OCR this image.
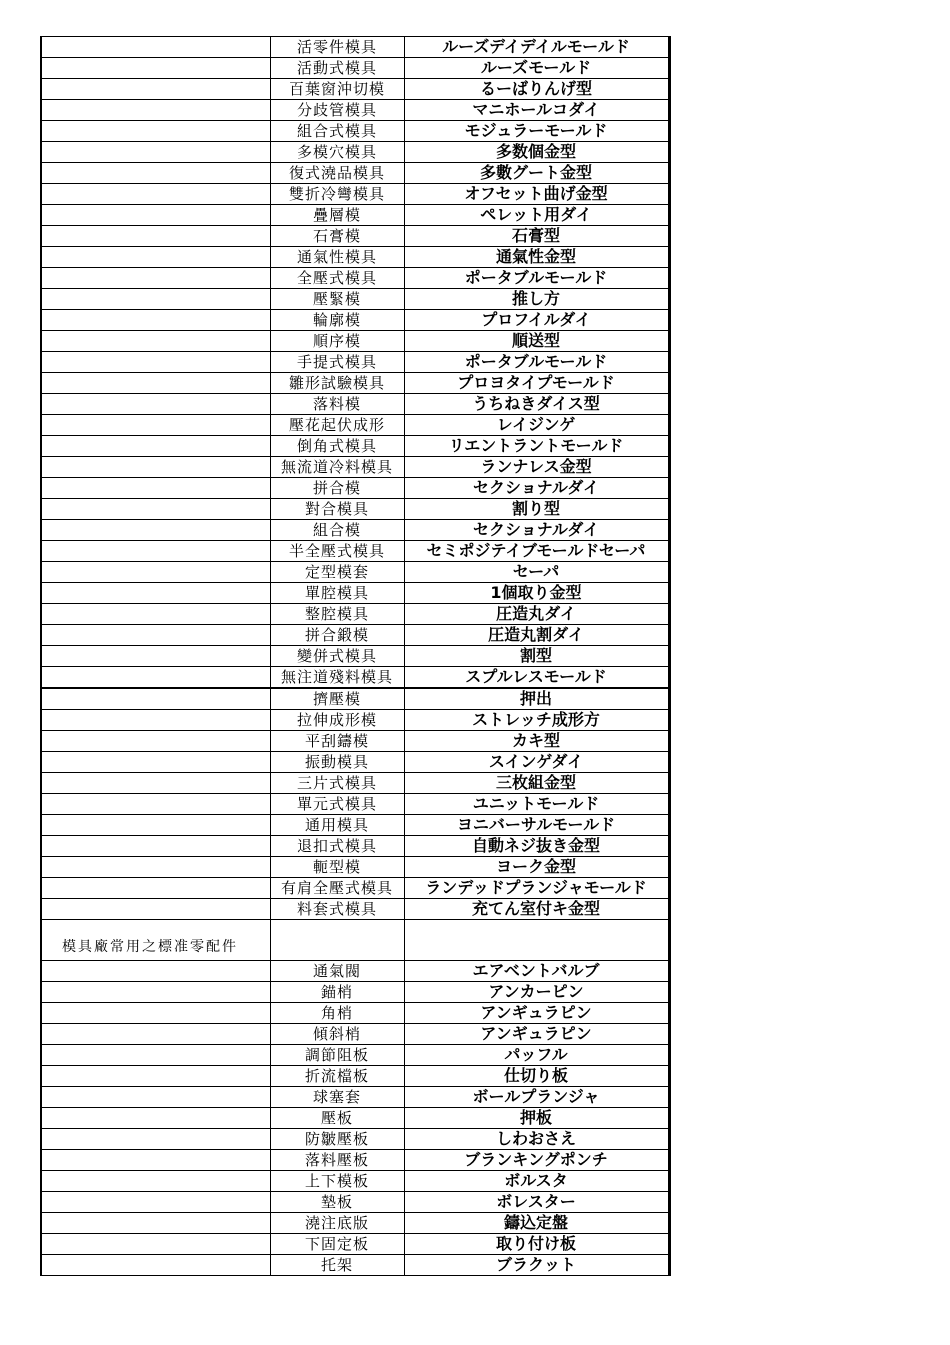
	活零件模具	ルーズデイデイルモールド
	活動式模具	ルーズモールド
	百葉窗沖切模	るーばりんげ型
	分歧管模具	マニホールコダイ
	組合式模具	モジュラーモールド
	多模穴模具	多数個金型
	復式澆品模具	多數グート金型
	雙折冷彎模具	オフセット曲げ金型
	疊層模	ペレット用ダイ
	石膏模	石膏型
	通氣性模具	通氣性金型
	全壓式模具	ポータブルモールド
	壓緊模	推し方
	輪廓模	プロフイルダイ
	順序模	順送型
	手提式模具	ポータブルモールド
	雛形試驗模具	プロヨタイプモールド
	落料模	うちねきダイス型
	壓花起伏成形	レイジンゲ
	倒角式模具	リエントラントモールド
	無流道冷料模具	ランナレス金型
	拼合模	セクショナルダイ
	對合模具	割り型
	組合模	セクショナルダイ
	半全壓式模具	セミポジテイブモールドセーパ
	定型模套	セーパ
	單腔模具	1個取り金型
	整腔模具	圧造丸ダイ
	拼合鍛模	圧造丸割ダイ
	變併式模具	割型
	無注道殘料模具	スプルレスモールド
	擠壓模	押出
	拉伸成形模	ストレッチ成形方
	平刮鑄模	カキ型
	振動模具	スインゲダイ
	三片式模具	三枚組金型
	單元式模具	ユニットモールド
	通用模具	ヨニバーサルモールド
	退扣式模具	自動ネジ抜き金型
	軛型模	ヨーク金型
	有肩全壓式模具	ランデッドプランジャモールド
	料套式模具	充てん室付キ金型
模具廠常用之標准零配件		
	通氣閥	エアベントバルブ
	錨梢	アンカーピン
	角梢	アンギュラピン
	傾斜梢	アンギュラピン
	調節阻板	パッフル
	折流檔板	仕切り板
	球塞套	ボールプランジャ
	壓板	押板
	防皺壓板	しわおさえ
	落料壓板	ブランキングポンチ
	上下模板	ボルスタ
	墊板	ボレスター
	澆注底版	鑄込定盤
	下固定板	取り付け板
	托架	ブラクット
